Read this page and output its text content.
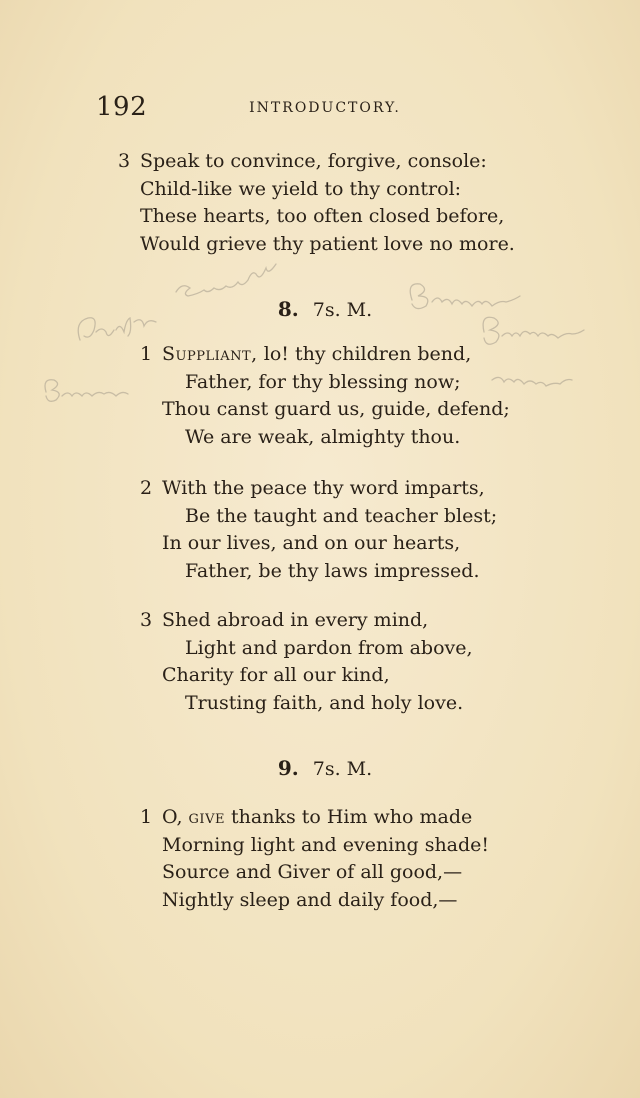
192	INTRODUCTORY.
3 Speak to convince, forgive, console:
Child-like we yield to thy control:
These hearts, too often closed before,
Would grieve thy patient love no more.
8. 7s. M.
1 Suppliant, lo! thy children bend,
Father, for thy blessing now;
Thou canst guard us, guide, defend;
We are weak, almighty thou.
2 With the peace thy word imparts,
Be the taught and teacher blest;
In our lives, and on our hearts,
Father, be thy laws impressed.
3 Shed abroad in every mind,
Light and pardon from above,
Charity for all our kind,
Trusting faith, and holy love.
9. 7s. M.
1 O, give thanks to Him who made
Morning light and evening shade!
Source and Giver of all good,—
Nightly sleep and daily food,—
